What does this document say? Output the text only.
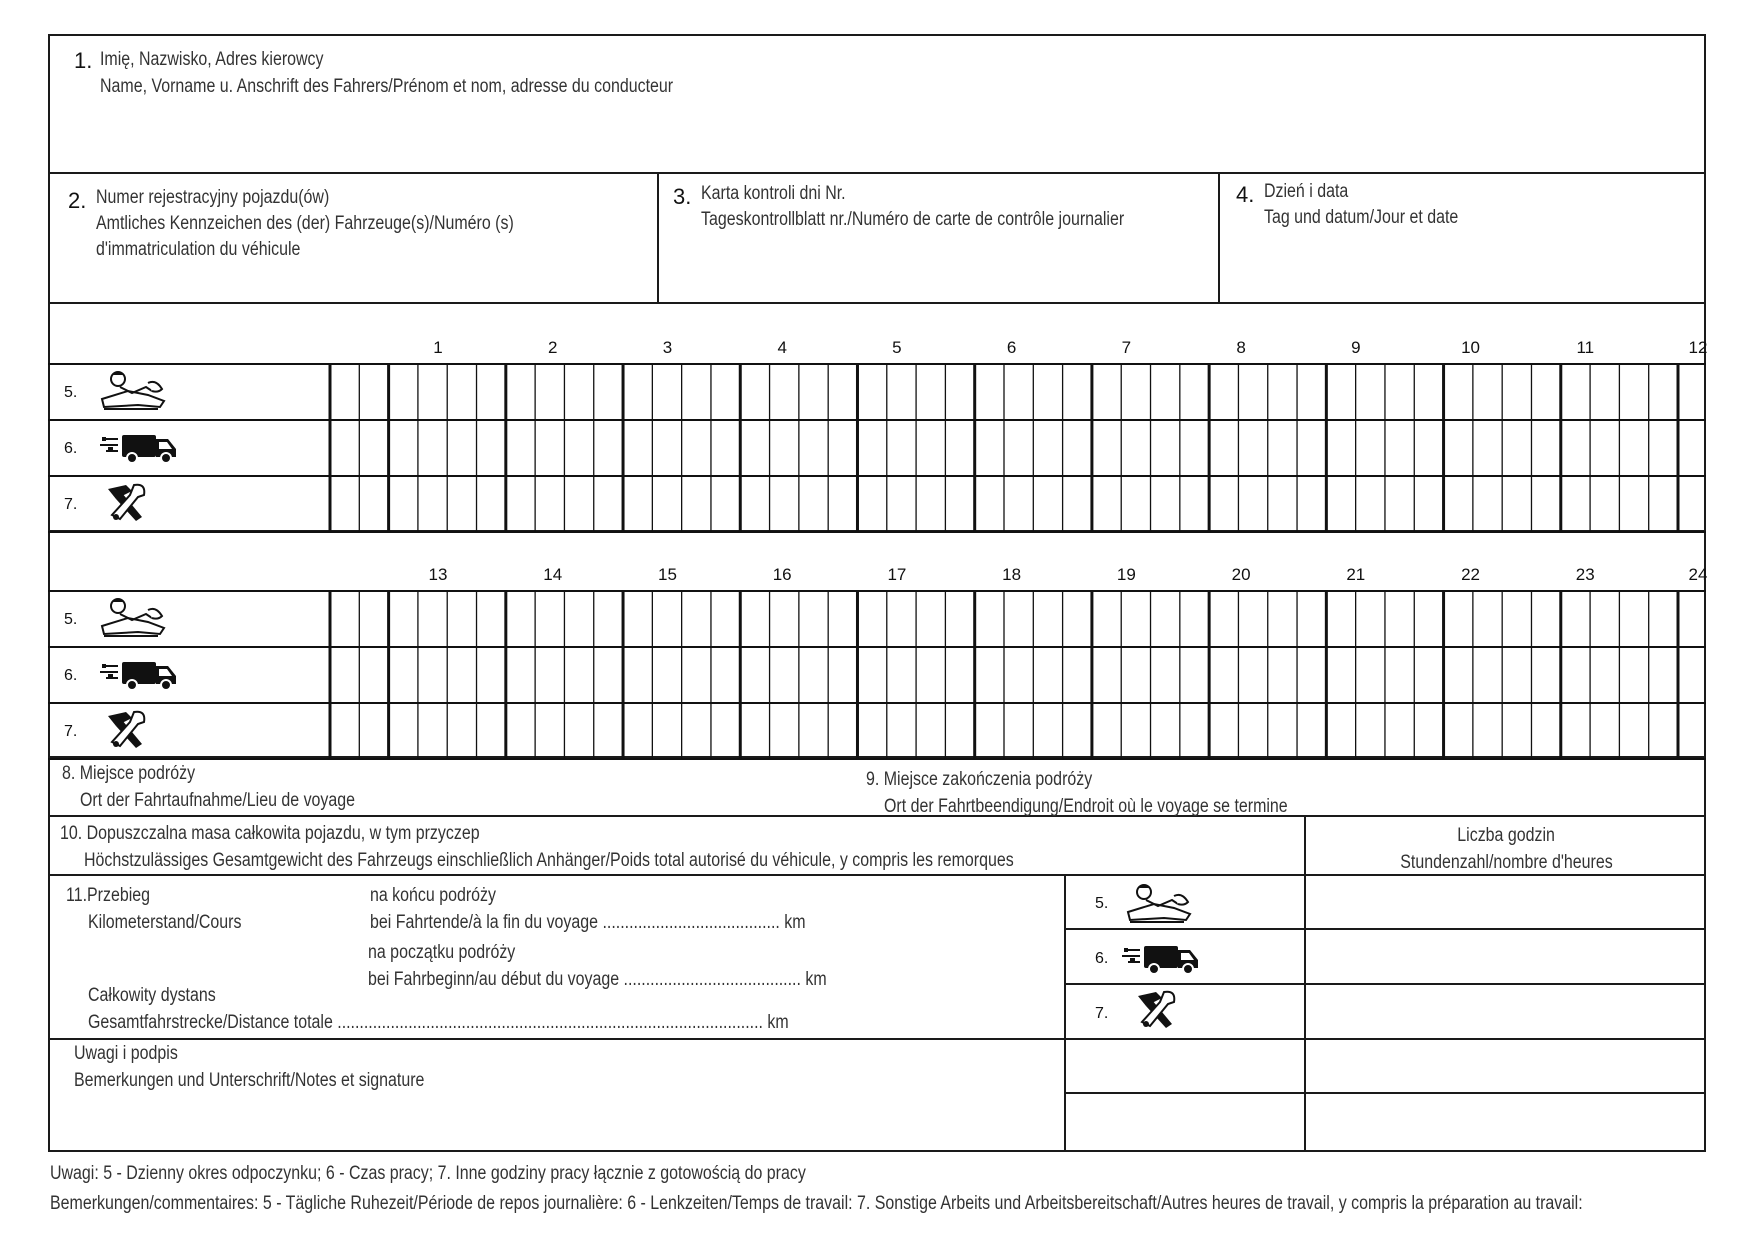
1. Imię, Nazwisko, Adres kierowcy
Name, Vorname u. Anschrift des Fahrers/Prénom et nom, adresse du conducteur
2. Numer rejestracyjny pojazdu(ów)
Amtliches Kennzeichen des (der) Fahrzeuge(s)/Numéro (s)
d'immatriculation du véhicule
3. Karta kontroli dni Nr.
Tageskontrollblatt nr./Numéro de carte de contrôle journalier
4. Dzień i data
Tag und datum/Jour et date
8. Miejsce podróży
Ort der Fahrtaufnahme/Lieu de voyage
9. Miejsce zakończenia podróży
Ort der Fahrtbeendigung/Endroit où le voyage se termine
10. Dopuszczalna masa całkowita pojazdu, w tym przyczep
Höchstzulässiges Gesamtgewicht des Fahrzeugs einschließlich Anhänger/Poids total autorisé du véhicule, y compris les remorques
Liczba godzin
Stundenzahl/nombre d'heures
11.Przebieg
Kilometerstand/Cours
na końcu podróży
bei Fahrtende/à la fin du voyage ........................................ km
na początku podróży
bei Fahrbeginn/au début du voyage ........................................ km
Całkowity dystans
Gesamtfahrstrecke/Distance totale ................................................................................................ km
5.
6.
7.
Uwagi i podpis
Bemerkungen und Unterschrift/Notes et signature
Uwagi: 5 - Dzienny okres odpoczynku; 6 - Czas pracy; 7. Inne godziny pracy łącznie z gotowością do pracy
Bemerkungen/commentaires: 5 - Tägliche Ruhezeit/Période de repos journalière: 6 - Lenkzeiten/Temps de travail: 7. Sonstige Arbeits und Arbeitsbereitschaft/Autres heures de travail, y compris la préparation au travail:
1	2	3	4	5	6	7	8	9	10	11	12
5.
6.
7.
13	14	15	16	17	18	19	20	21	22	23	24
5.
6.
7.
